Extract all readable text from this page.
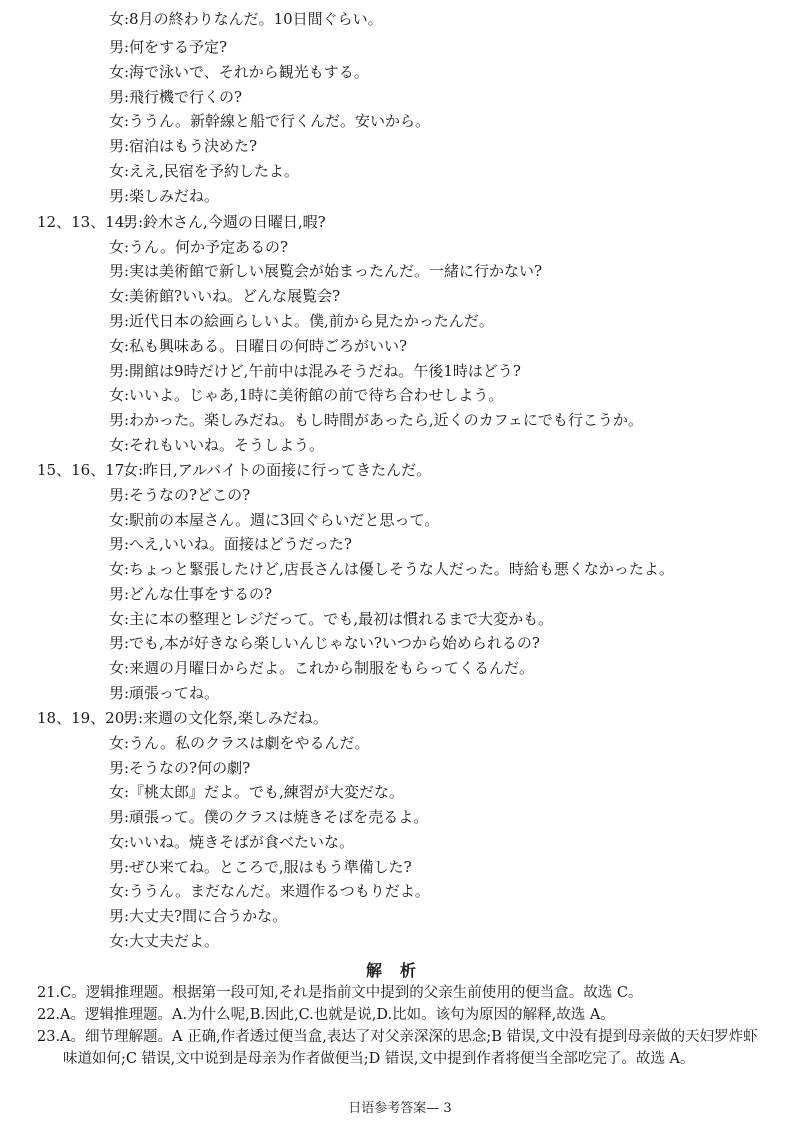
女:8月の終わりなんだ。10日間ぐらい。
男:何をする予定?
女:海で泳いで、それから観光もする。
男:飛行機で行くの?
女:ううん。新幹線と船で行くんだ。安いから。
男:宿泊はもう決めた?
女:ええ,民宿を予約したよ。
男:楽しみだね。
12、13、14.
男:鈴木さん,今週の日曜日,暇?
女:うん。何か予定あるの?
男:実は美術館で新しい展覧会が始まったんだ。一緒に行かない?
女:美術館?いいね。どんな展覧会?
男:近代日本の絵画らしいよ。僕,前から見たかったんだ。
女:私も興味ある。日曜日の何時ごろがいい?
男:開館は9時だけど,午前中は混みそうだね。午後1時はどう?
女:いいよ。じゃあ,1時に美術館の前で待ち合わせしよう。
男:わかった。楽しみだね。もし時間があったら,近くのカフェにでも行こうか。
女:それもいいね。そうしよう。
15、16、17.
女:昨日,アルバイトの面接に行ってきたんだ。
男:そうなの?どこの?
女:駅前の本屋さん。週に3回ぐらいだと思って。
男:へえ,いいね。面接はどうだった?
女:ちょっと緊張したけど,店長さんは優しそうな人だった。時給も悪くなかったよ。
男:どんな仕事をするの?
女:主に本の整理とレジだって。でも,最初は慣れるまで大変かも。
男:でも,本が好きなら楽しいんじゃない?いつから始められるの?
女:来週の月曜日からだよ。これから制服をもらってくるんだ。
男:頑張ってね。
18、19、20.
男:来週の文化祭,楽しみだね。
女:うん。私のクラスは劇をやるんだ。
男:そうなの?何の劇?
女:『桃太郎』だよ。でも,練習が大変だな。
男:頑張って。僕のクラスは焼きそばを売るよ。
女:いいね。焼きそばが食べたいな。
男:ぜひ来てね。ところで,服はもう準備した?
女:ううん。まだなんだ。来週作るつもりだよ。
男:大丈夫?間に合うかな。
女:大丈夫だよ。
解析
21.C。逻辑推理题。根据第一段可知,それ是指前文中提到的父亲生前使用的便当盒。故选 C。
22.A。逻辑推理题。A.为什么呢,B.因此,C.也就是说,D.比如。该句为原因的解释,故选 A。
23.A。细节理解题。A 正确,作者透过便当盒,表达了对父亲深深的思念;B 错误,文中没有提到母亲做的天妇罗炸虾
味道如何;C 错误,文中说到是母亲为作者做便当;D 错误,文中提到作者将便当全部吃完了。故选 A。
日语参考答案— 3
